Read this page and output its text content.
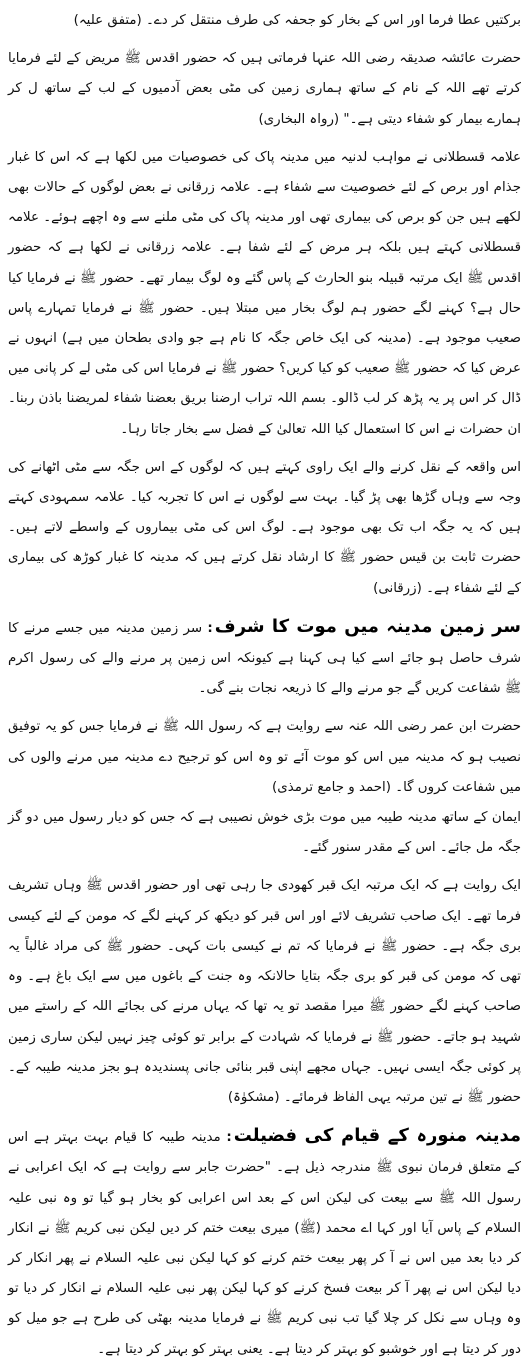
برکتیں عطا فرما اور اس کے بخار کو جحفہ کی طرف منتقل کر دے۔ (متفق علیہ)

حضرت عائشہ صدیقہ رضی اللہ عنہا فرماتی ہیں کہ حضور اقدس ﷺ مریض کے لئے فرمایا کرتے تھے اللہ کے نام کے ساتھ ہماری زمین کی مٹی بعض آدمیوں کے لب کے ساتھ ل کر ہمارے بیمار کو شفاء دیتی ہے۔" (رواہ البخاری)

علامہ قسطلانی نے مواہب لدنیہ میں مدینہ پاک کی خصوصیات میں لکھا ہے کہ اس کا غبار جذام اور برص کے لئے خصوصیت سے شفاء ہے۔ علامہ زرقانی نے بعض لوگوں کے حالات بھی لکھے ہیں جن کو برص کی بیماری تھی اور مدینہ پاک کی مٹی ملنے سے وہ اچھے ہوئے۔ علامہ قسطلانی کہتے ہیں بلکہ ہر مرض کے لئے شفا ہے۔ علامہ زرقانی نے لکھا ہے کہ حضور اقدس ﷺ ایک مرتبہ قبیلہ بنو الحارث کے پاس گئے وہ لوگ بیمار تھے۔ حضور ﷺ نے فرمایا کیا حال ہے؟ کہنے لگے حضور ہم لوگ بخار میں مبتلا ہیں۔ حضور ﷺ نے فرمایا تمہارے پاس صعیب موجود ہے۔ (مدینہ کی ایک خاص جگہ کا نام ہے جو وادی بطحان میں ہے) انہوں نے عرض کیا کہ حضور ﷺ صعیب کو کیا کریں؟ حضور ﷺ نے فرمایا اس کی مٹی لے کر پانی میں ڈال کر اس پر یہ پڑھ کر لب ڈالو۔ بسم اللہ تراب ارضنا بریق بعضنا شفاء لمریضنا باذن ربنا۔ ان حضرات نے اس کا استعمال کیا اللہ تعالیٰ کے فضل سے بخار جاتا رہا۔

اس واقعہ کے نقل کرنے والے ایک راوی کہتے ہیں کہ لوگوں کے اس جگہ سے مٹی اٹھانے کی وجہ سے وہاں گڑھا بھی پڑ گیا۔ بہت سے لوگوں نے اس کا تجربہ کیا۔ علامہ سمہودی کہتے ہیں کہ یہ جگہ اب تک بھی موجود ہے۔ لوگ اس کی مٹی بیماروں کے واسطے لاتے ہیں۔ حضرت ثابت بن قیس حضور ﷺ کا ارشاد نقل کرتے ہیں کہ مدینہ کا غبار کوڑھ کی بیماری کے لئے شفاء ہے۔ (زرقانی)

سر زمین مدینہ میں موت کا شرف: سر زمین مدینہ میں جسے مرنے کا شرف حاصل ہو جائے اسے کیا ہی کہنا ہے کیونکہ اس زمین پر مرنے والے کی رسول اکرم ﷺ شفاعت کریں گے جو مرنے والے کا ذریعہ نجات بنے گی۔

حضرت ابن عمر رضی اللہ عنہ سے روایت ہے کہ رسول اللہ ﷺ نے فرمایا جس کو یہ توفیق نصیب ہو کہ مدینہ میں اس کو موت آئے تو وہ اس کو ترجیح دے مدینہ میں مرنے والوں کی میں شفاعت کروں گا۔ (احمد و جامع ترمذی)

ایمان کے ساتھ مدینہ طیبہ میں موت بڑی خوش نصیبی ہے کہ جس کو دیار رسول میں دو گز جگہ مل جائے۔ اس کے مقدر سنور گئے۔

ایک روایت ہے کہ ایک مرتبہ ایک قبر کھودی جا رہی تھی اور حضور اقدس ﷺ وہاں تشریف فرما تھے۔ ایک صاحب تشریف لائے اور اس قبر کو دیکھ کر کہنے لگے کہ مومن کے لئے کیسی بری جگہ ہے۔ حضور ﷺ نے فرمایا کہ تم نے کیسی بات کہی۔ حضور ﷺ کی مراد غالباً یہ تھی کہ مومن کی قبر کو بری جگہ بتایا حالانکہ وہ جنت کے باغوں میں سے ایک باغ ہے۔ وہ صاحب کہنے لگے حضور ﷺ میرا مقصد تو یہ تھا کہ یہاں مرنے کی بجائے اللہ کے راستے میں شہید ہو جاتے۔ حضور ﷺ نے فرمایا کہ شہادت کے برابر تو کوئی چیز نہیں لیکن ساری زمین پر کوئی جگہ ایسی نہیں۔ جہاں مجھے اپنی قبر بنائی جانی پسندیدہ ہو بجز مدینہ طیبہ کے۔ حضور ﷺ نے تین مرتبہ یہی الفاظ فرمائے۔ (مشکوٰۃ)

مدینہ منورہ کے قیام کی فضیلت: مدینہ طیبہ کا قیام بہت بہتر ہے اس کے متعلق فرمان نبوی ﷺ مندرجہ ذیل ہے۔ "حضرت جابر سے روایت ہے کہ ایک اعرابی نے رسول اللہ ﷺ سے بیعت کی لیکن اس کے بعد اس اعرابی کو بخار ہو گیا تو وہ نبی علیہ السلام کے پاس آیا اور کہا اے محمد (ﷺ) میری بیعت ختم کر دیں لیکن نبی کریم ﷺ نے انکار کر دیا بعد میں اس نے آ کر پھر بیعت ختم کرنے کو کہا لیکن نبی علیہ السلام نے پھر انکار کر دیا لیکن اس نے پھر آ کر بیعت فسخ کرنے کو کہا لیکن پھر نبی علیہ السلام نے انکار کر دیا تو وہ وہاں سے نکل کر چلا گیا تب نبی کریم ﷺ نے فرمایا مدینہ بھٹی کی طرح ہے جو میل کو دور کر دیتا ہے اور خوشبو کو بہتر کر دیتا ہے۔ یعنی بہتر کو بہتر کر دیتا ہے۔
